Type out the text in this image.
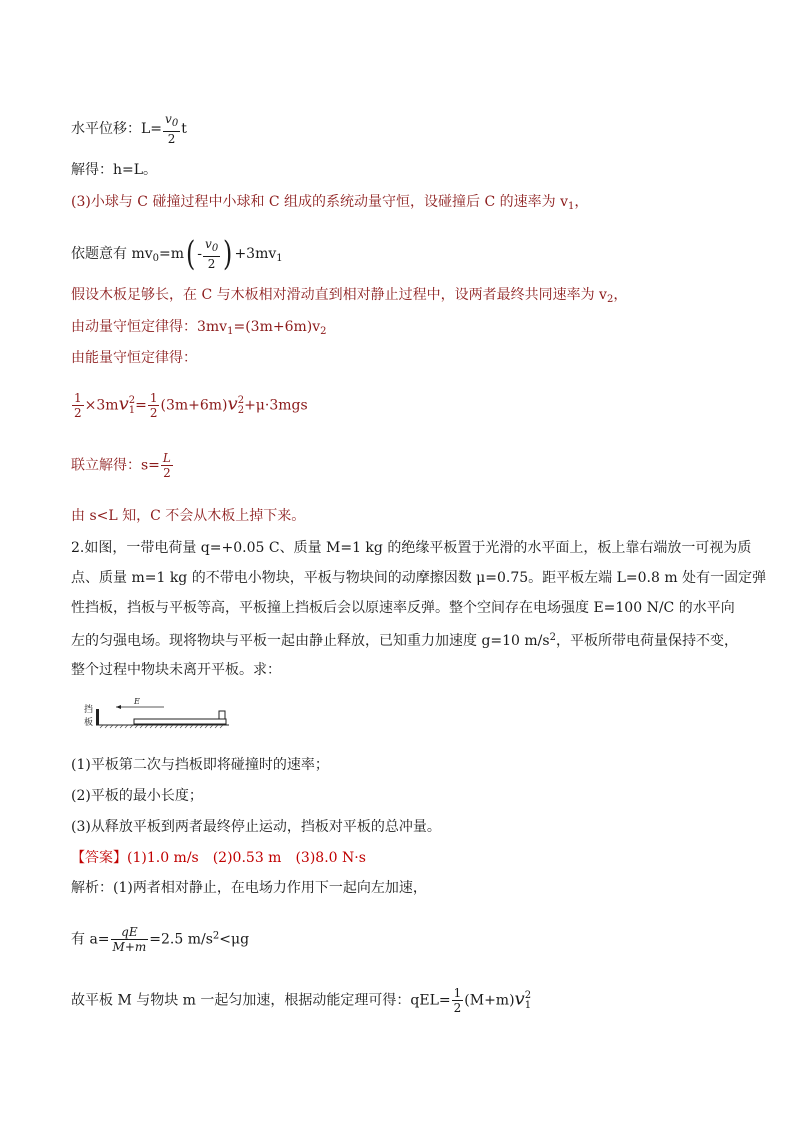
水平位移：$L= \frac{v_0}{2}$ t
解得：h=L。
(3)小球与 C 碰撞过程中小球和 C 组成的系统动量守恒，设碰撞后 C 的速率为 $v_1$，
依题意有 $mv_0=m( - \frac{v_0}{2}$ ) $+3mv_1$
假设木板足够长，在 C 与木板相对滑动直到相对静止过程中，设两者最终共同速率为 $v_2$，
由动量守恒定律得：$3mv_1=(3m+6m)v_2$
由能量守恒定律得：
$\frac{1}{2} \times 3mv$ 2
$1 = \frac{1}{2} (3m+6m)v$ 2
2 +μ·3mgs
联立解得：$s= \frac{L}{2}$
由 s<L 知，C 不会从木板上掉下来。
2.如图，一带电荷量 q=+0.05 C、质量 M=1 kg 的绝缘平板置于光滑的水平面上，板上靠右端放一可视为质
点、质量 m=1 kg 的不带电小物块，平板与物块间的动摩擦因数 μ=0.75。距平板左端 L=0.8 m 处有一固定弹
性挡板，挡板与平板等高，平板撞上挡板后会以原速率反弹。整个空间存在电场强度 E=100 N/C 的水平向
左的匀强电场。现将物块与平板一起由静止释放，已知重力加速度 g=10 $m/s^2$，平板所带电荷量保持不变，
整个过程中物块未离开平板。求：
挡
板
E
(1)平板第二次与挡板即将碰撞时的速率；
(2)平板的最小长度；
(3)从释放平板到两者最终停止运动，挡板对平板的总冲量。
【答案】(1)1.0 m/s　(2)0.53 m　(3)8.0 N·s
解析：(1)两者相对静止，在电场力作用下一起向左加速，
有 $a= \frac{qE}{M+m} =2.5$ $m/s^2<\mu g$
故平板 M 与物块 m 一起匀加速，根据动能定理可得：$qEL= \frac{1}{2} (M+m)v$ 2
1
